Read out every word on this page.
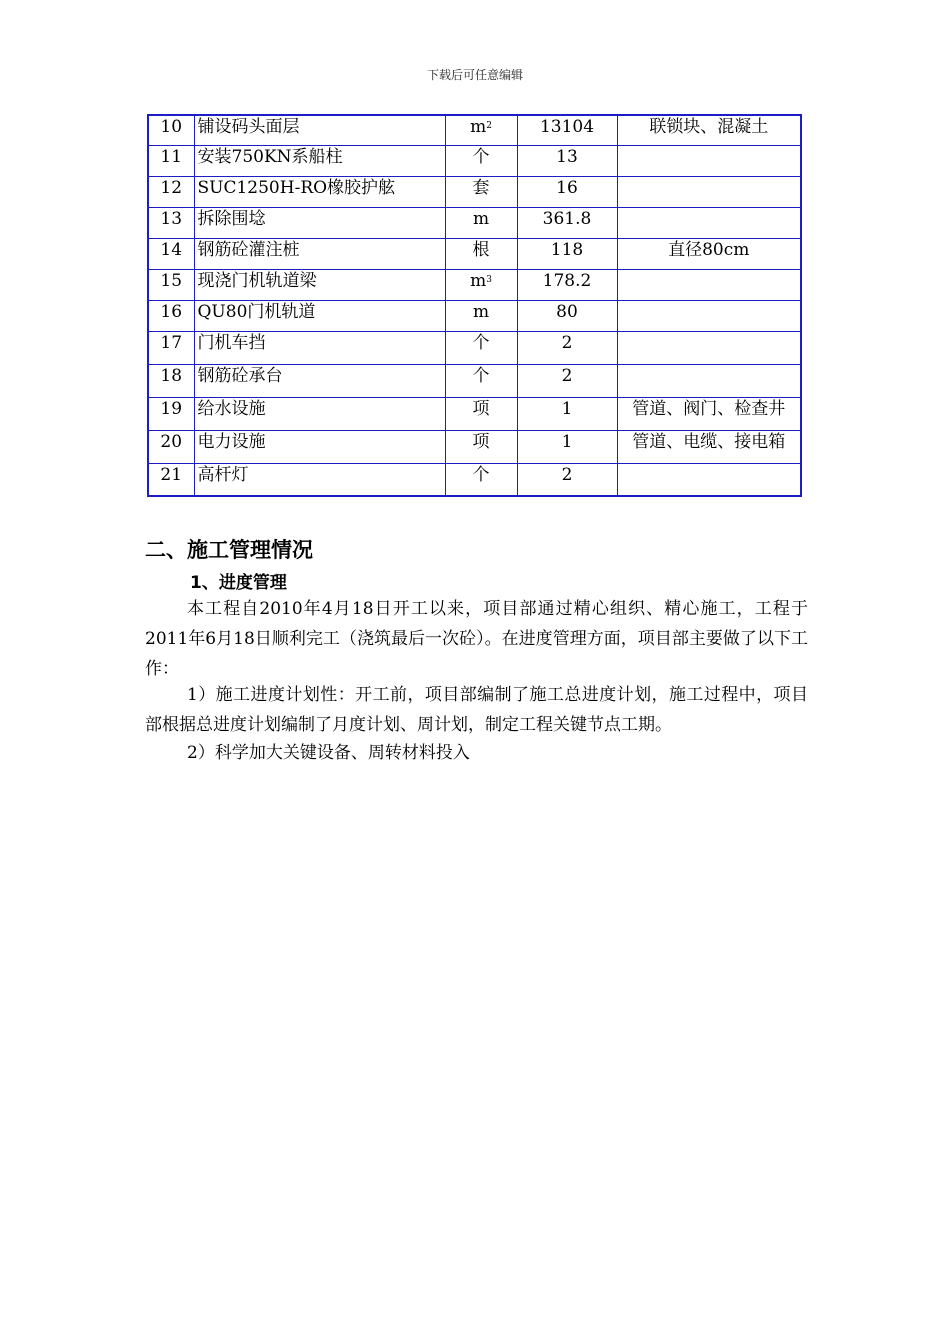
下载后可任意编辑
10	铺设码头面层	$m^2$	13104	联锁块、混凝土
11	安装750KN系船柱	个	13	
12	SUC1250H-RO橡胶护舷	套	16	
13	拆除围埝	m	361.8	
14	钢筋砼灌注桩	根	118	直径80cm
15	现浇门机轨道梁	$m^3$	178.2	
16	QU80门机轨道	m	80	
17	门机车挡	个	2	
18	钢筋砼承台	个	2	
19	给水设施	项	1	管道、阀门、检查井
20	电力设施	项	1	管道、电缆、接电箱
21	高杆灯	个	2	
二、施工管理情况
1、进度管理

本工程自2010年4月18日开工以来，项目部通过精心组织、精心施工，工程于2011年6月18日顺利完工（浇筑最后一次砼）。在进度管理方面，项目部主要做了以下工作：

1）施工进度计划性：开工前，项目部编制了施工总进度计划，施工过程中，项目部根据总进度计划编制了月度计划、周计划，制定工程关键节点工期。

2）科学加大关键设备、周转材料投入
